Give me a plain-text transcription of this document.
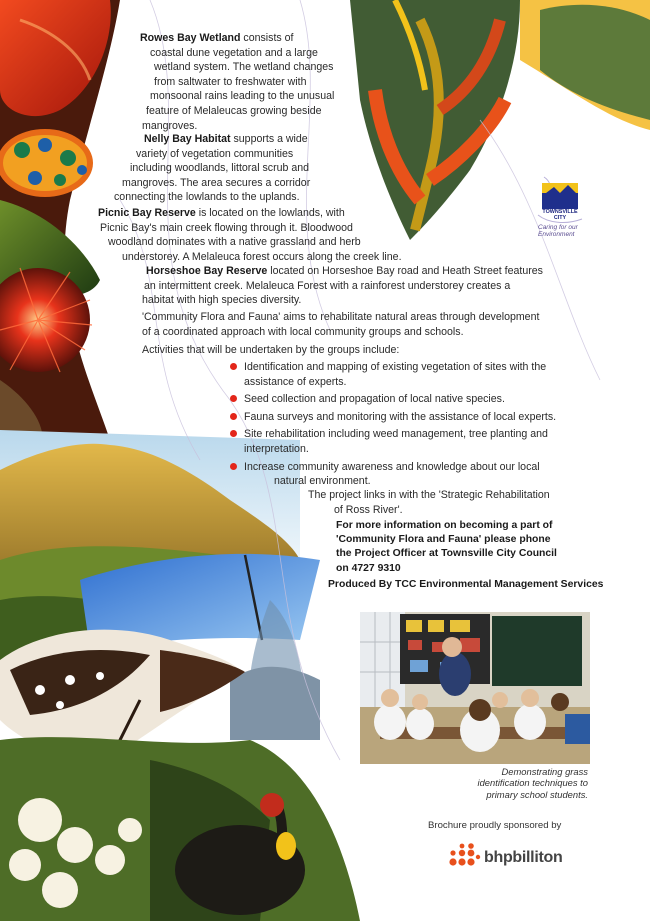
TOWNSVILLE
CITY
Caring for our
Environment
Rowes Bay Wetland consists of
coastal dune vegetation and a large
wetland system. The wetland changes
from saltwater to freshwater with
monsoonal rains leading to the unusual
feature of Melaleucas growing beside
mangroves.
Nelly Bay Habitat supports a wide
variety of vegetation communities
including woodlands, littoral scrub and
mangroves. The area secures a corridor
connecting the lowlands to the uplands.
Picnic Bay Reserve is located on the lowlands, with
Picnic Bay's main creek flowing through it. Bloodwood
woodland dominates with a native grassland and herb
understorey. A Melaleuca forest occurs along the creek line.
Horseshoe Bay Reserve located on Horseshoe Bay road and Heath Street features
an intermittent creek. Melaleuca Forest with a rainforest understorey creates a
habitat with high species diversity.
'Community Flora and Fauna' aims to rehabilitate natural areas through development
of a coordinated approach with local community groups and schools.
Activities that will be undertaken by the groups include:
Identification and mapping of existing vegetation of sites with the
assistance of experts.
Seed collection and propagation of local native species.
Fauna surveys and monitoring with the assistance of local experts.
Site rehabilitation including weed management, tree planting and
interpretation.
Increase community awareness and knowledge about our local
natural environment.
The project links in with the 'Strategic Rehabilitation
of Ross River'.
For more information on becoming a part of
'Community Flora and Fauna' please phone
the Project Officer at Townsville City Council
on 4727 9310
Produced By TCC Environmental Management Services
Demonstrating grass
identification techniques to
primary school students.
Brochure proudly sponsored by
bhpbilliton
